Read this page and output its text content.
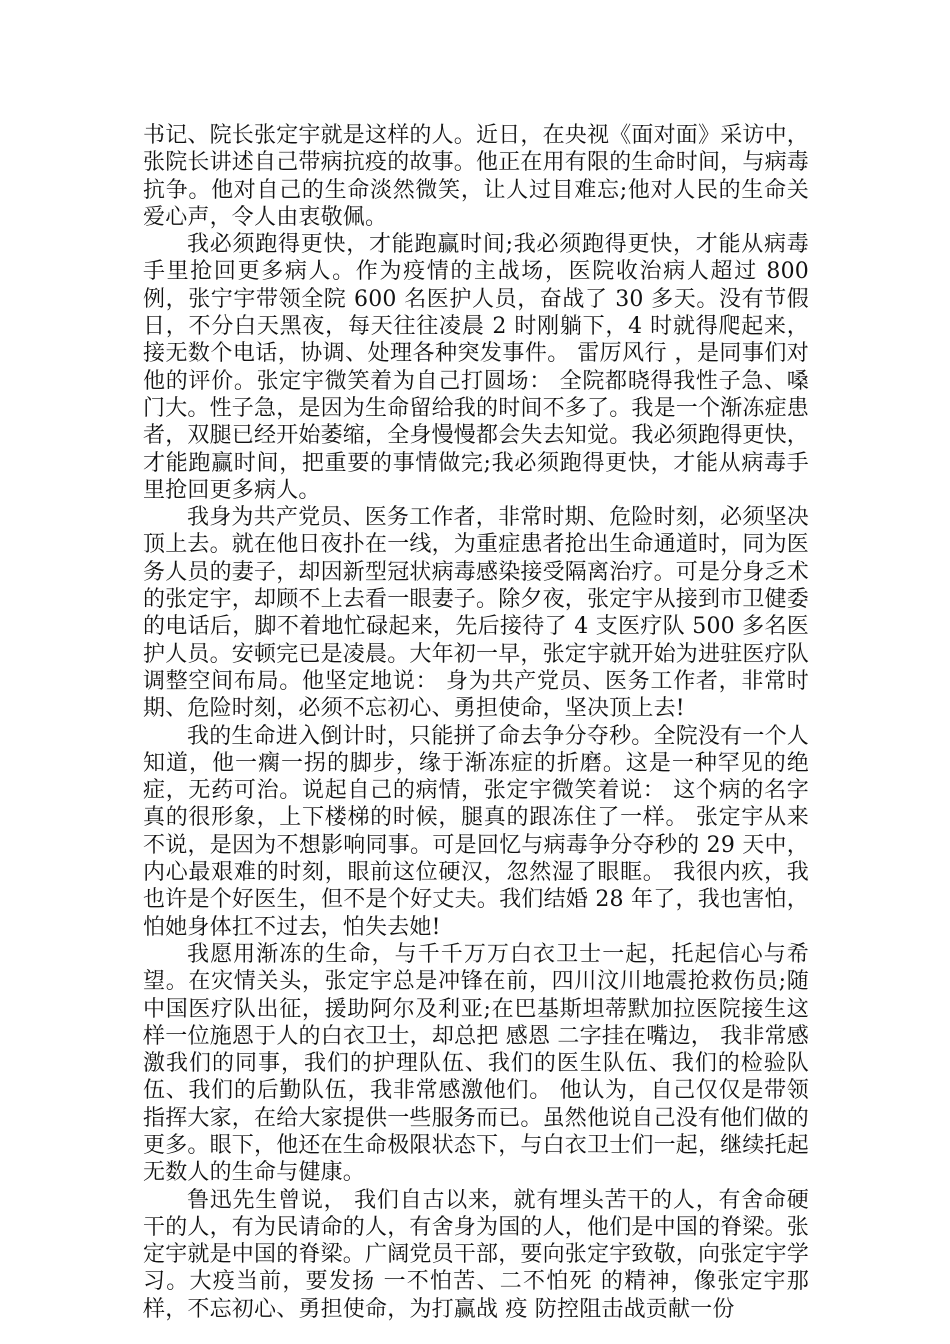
书记、院长张定宇就是这样的人。近日，在央视《面对面》采访中，张院长讲述自己带病抗疫的故事。他正在用有限的生命时间，与病毒抗争。他对自己的生命淡然微笑，让人过目难忘;他对人民的生命关爱心声，令人由衷敬佩。

我必须跑得更快，才能跑赢时间;我必须跑得更快，才能从病毒手里抢回更多病人。作为疫情的主战场，医院收治病人超过 800 例，张宁宇带领全院 600 名医护人员，奋战了 30 多天。没有节假日，不分白天黑夜，每天往往凌晨 2 时刚躺下，4 时就得爬起来，接无数个电话，协调、处理各种突发事件。 雷厉风行 ，是同事们对他的评价。张定宇微笑着为自己打圆场： 全院都晓得我性子急、嗓门大。性子急，是因为生命留给我的时间不多了。我是一个渐冻症患者，双腿已经开始萎缩，全身慢慢都会失去知觉。我必须跑得更快，才能跑赢时间，把重要的事情做完;我必须跑得更快，才能从病毒手里抢回更多病人。

我身为共产党员、医务工作者，非常时期、危险时刻，必须坚决顶上去。就在他日夜扑在一线，为重症患者抢出生命通道时，同为医务人员的妻子，却因新型冠状病毒感染接受隔离治疗。可是分身乏术的张定宇，却顾不上去看一眼妻子。除夕夜，张定宇从接到市卫健委的电话后，脚不着地忙碌起来，先后接待了 4 支医疗队 500 多名医护人员。安顿完已是凌晨。大年初一早，张定宇就开始为进驻医疗队调整空间布局。他坚定地说： 身为共产党员、医务工作者，非常时期、危险时刻，必须不忘初心、勇担使命，坚决顶上去!

我的生命进入倒计时，只能拼了命去争分夺秒。全院没有一个人知道，他一瘸一拐的脚步，缘于渐冻症的折磨。这是一种罕见的绝症，无药可治。说起自己的病情，张定宇微笑着说： 这个病的名字真的很形象，上下楼梯的时候，腿真的跟冻住了一样。 张定宇从来不说，是因为不想影响同事。可是回忆与病毒争分夺秒的 29 天中，内心最艰难的时刻，眼前这位硬汉，忽然湿了眼眶。 我很内疚，我也许是个好医生，但不是个好丈夫。我们结婚 28 年了，我也害怕，怕她身体扛不过去，怕失去她!

我愿用渐冻的生命，与千千万万白衣卫士一起，托起信心与希望。在灾情关头，张定宇总是冲锋在前，四川汶川地震抢救伤员;随中国医疗队出征，援助阿尔及利亚;在巴基斯坦蒂默加拉医院接生这样一位施恩于人的白衣卫士，却总把 感恩 二字挂在嘴边， 我非常感激我们的同事，我们的护理队伍、我们的医生队伍、我们的检验队伍、我们的后勤队伍，我非常感激他们。 他认为，自己仅仅是带领指挥大家，在给大家提供一些服务而已。虽然他说自己没有他们做的更多。眼下，他还在生命极限状态下，与白衣卫士们一起，继续托起无数人的生命与健康。

鲁迅先生曾说， 我们自古以来，就有埋头苦干的人，有舍命硬干的人，有为民请命的人，有舍身为国的人，他们是中国的脊梁。张定宇就是中国的脊梁。广阔党员干部，要向张定宇致敬，向张定宇学习。大疫当前，要发扬 一不怕苦、二不怕死 的精神，像张定宇那样，不忘初心、勇担使命，为打赢战 疫 防控阻击战贡献一份
